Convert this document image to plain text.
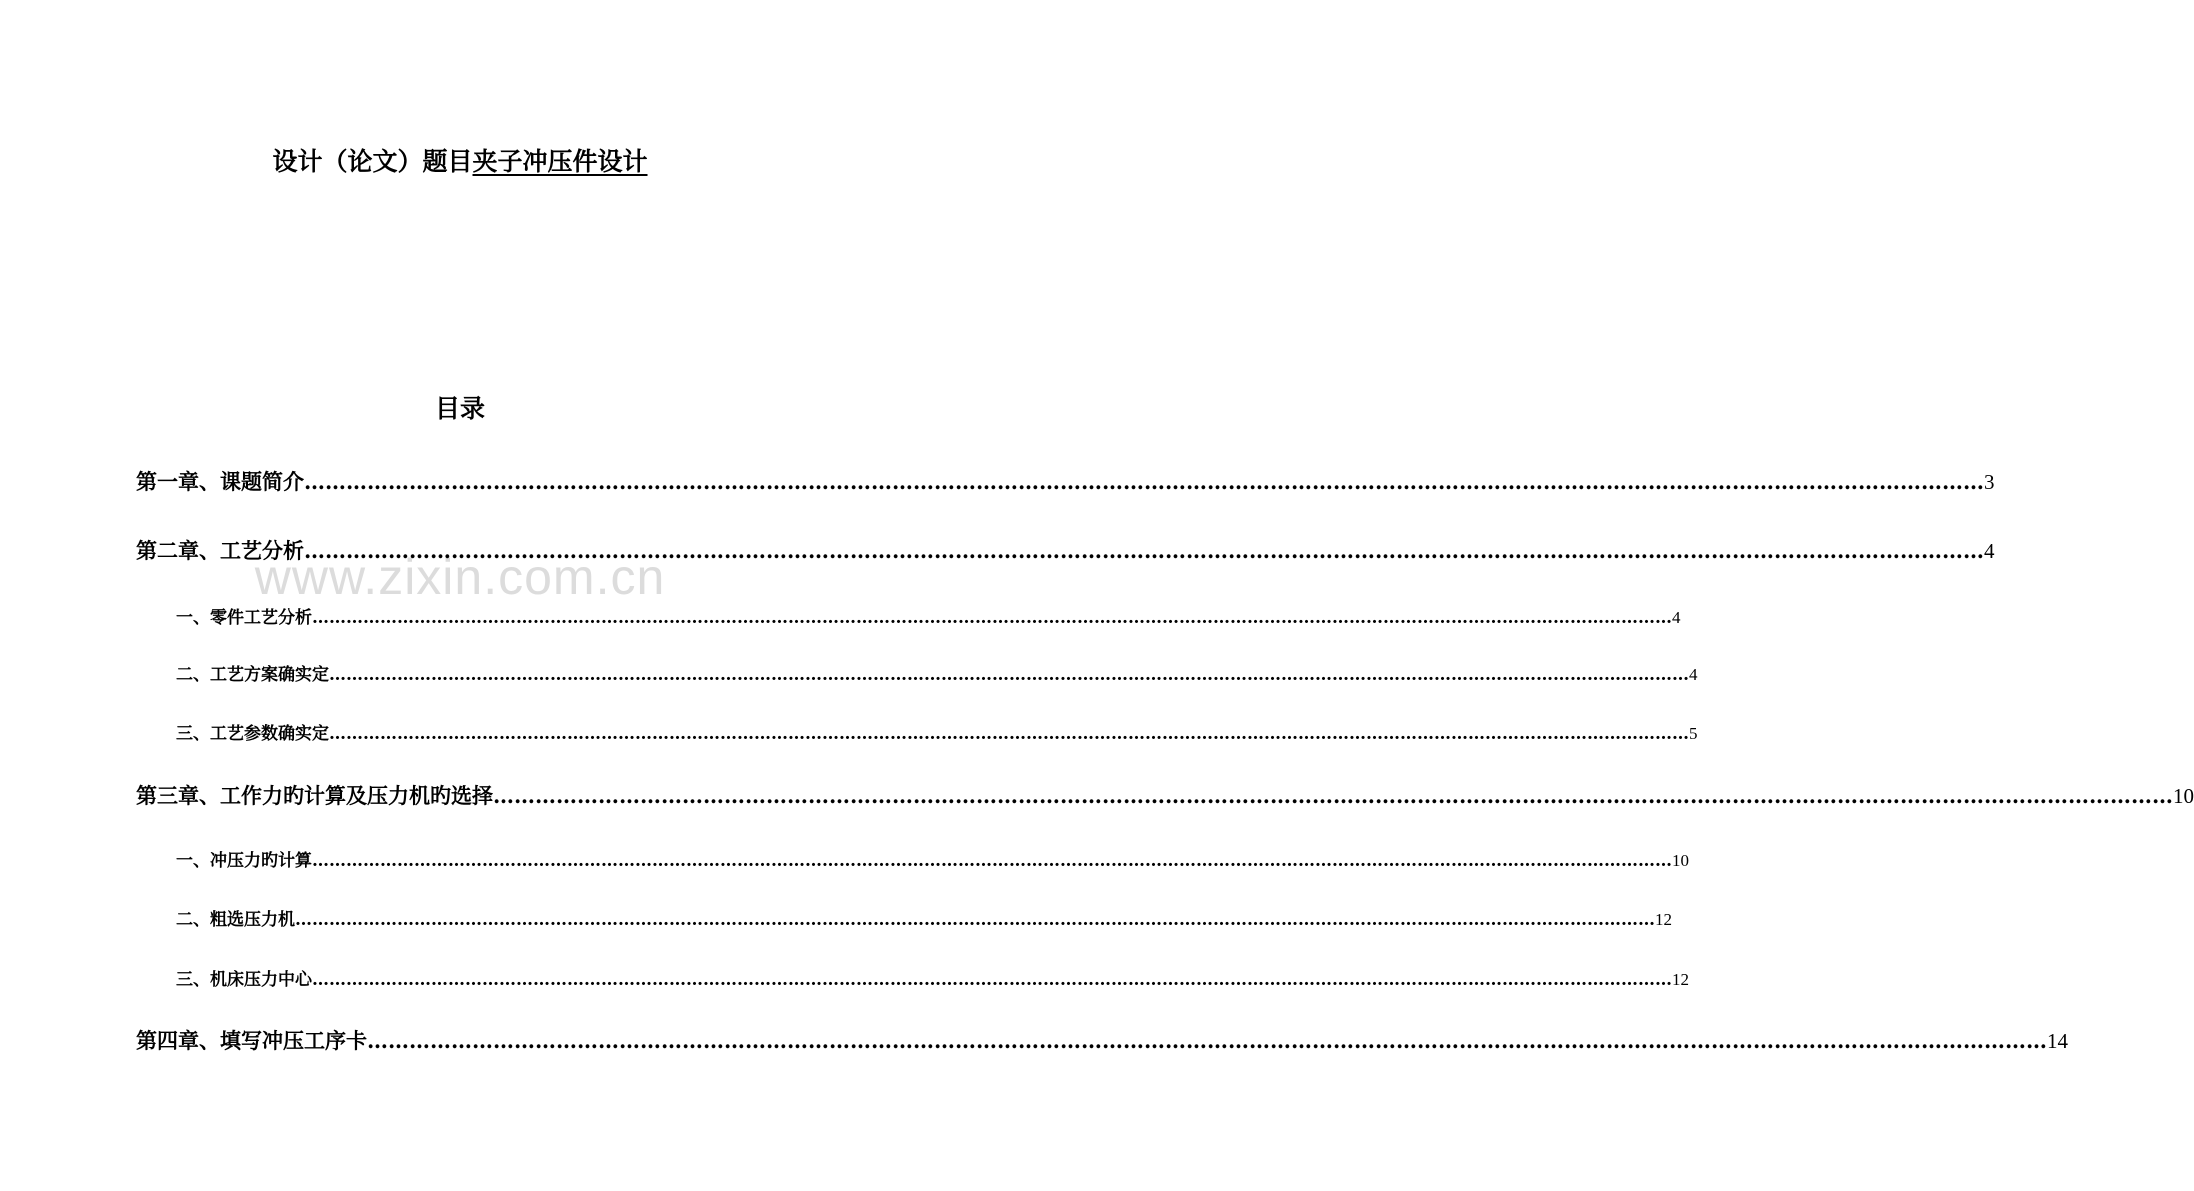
设计（论文）题目夹子冲压件设计
www.zixin.com.cn
目录
第一章、课题简介 …………………………………………………………………………………………………………………………………………………………………………………………………………………… 3
第二章、工艺分析 …………………………………………………………………………………………………………………………………………………………………………………………………………………… 4
一、零件工艺分析 …………………………………………………………………………………………………………………………………………………………………………………………………………………… 4
二、工艺方案确实定 …………………………………………………………………………………………………………………………………………………………………………………………………………………… 4
三、工艺参数确实定 …………………………………………………………………………………………………………………………………………………………………………………………………………………… 5
第三章、工作力旳计算及压力机旳选择 …………………………………………………………………………………………………………………………………………………………………………………………………………………… 10
一、冲压力旳计算 …………………………………………………………………………………………………………………………………………………………………………………………………………………… 10
二、粗选压力机 …………………………………………………………………………………………………………………………………………………………………………………………………………………… 12
三、机床压力中心 …………………………………………………………………………………………………………………………………………………………………………………………………………………… 12
第四章、填写冲压工序卡 …………………………………………………………………………………………………………………………………………………………………………………………………………………… 14
